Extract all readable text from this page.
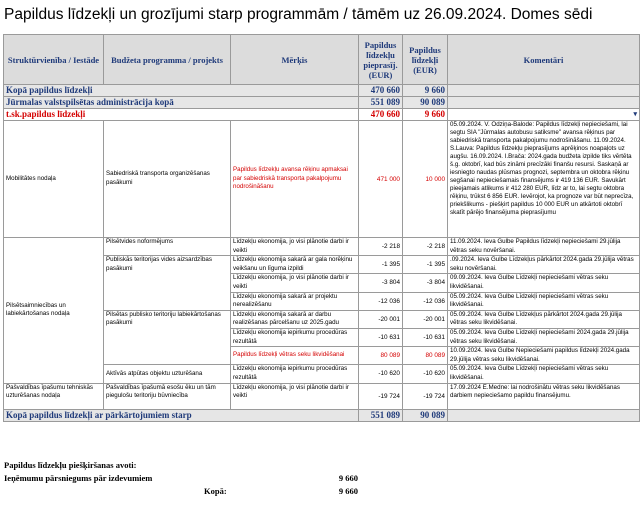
Papildus līdzekļi un grozījumi starp programmām / tāmēm uz 26.09.2024. Domes sēdi
Struktūrvienība / Iestāde	Budžeta programma / projekts	Mērķis	Papildus līdzekļu pieprasīj. (EUR)	Papildus līdzekļi (EUR)	Komentāri
Kopā papildus līdzekļi			470 660	9 660	
Jūrmalas valstspilsētas administrācija kopā			551 089	90 089	
t.sk.papildus līdzekļi			470 660	9 660	▾
Mobilitātes nodaļa	Sabiedriskā transporta organizēšanas pasākumi	Papildus līdzekļu avansa rēķinu apmaksai par sabiedriskā transporta pakalpojumu nodrošināšanu	471 000	10 000	05.09.2024. V. Odziņa-Balode: Papildus līdzekļi nepieciešami, lai segtu SIA "Jūrmalas autobusu satiksme" avansa rēķinus par sabiedriskā transporta pakalpojumu nodrošināšanu. 11.09.2024. S.Lauva: Papildus līdzekļu pieprasījums aprēķinos noapaļots uz augšu. 16.09.2024. I.Brača: 2024.gada budžeta izpilde tiks vērtēta š.g. oktobrī, kad būs zināmi precīzāki finanšu resursi. Saskaņā ar iesniegto naudas plūsmas prognozi, septembra un oktobra rēķinu segšanai nepieciešamais finansējums ir 419 136 EUR. Savukārt pieejamais atlikums ir 412 280 EUR, līdz ar to, lai segtu oktobra rēķinu, trūkst 6 856 EUR. Ievērojot, ka prognoze var būt neprecīza, priekšlikums - piešķirt papildus 10 000 EUR un atkārtoti oktobrī skatīt pārējo finansējuma pieprasījumu
Pilsētsaimniecības un labiekārtošanas nodaļa	Pilsētvides noformējums	Līdzekļu ekonomija, jo visi plānotie darbi ir veikti	-2 218	-2 218	11.09.2024. Ieva Gulbe Papildus līdzekļi nepieciešami 29.jūlija vētras seku novēršanai.
	Publiskās teritorijas vides aizsardzības pasākumi	Līdzekļu ekonomija sakarā ar gala norēķinu veikšanu un līguma izpildi	-1 395	-1 395	.09.2024. Ieva Gulbe Līdzekļus pārkārtot 2024.gada 29.jūlija vētras seku novēršanai.
		Līdzekļu ekonomija, jo visi plānotie darbi ir veikti	-3 804	-3 804	09.09.2024. Ieva Gulbe Līdzekļi nepieciešami vētras seku likvidēšanai.
		Līdzekļu ekonomija sakarā ar projektu nerealizēšanu	-12 036	-12 036	05.09.2024. Ieva Gulbe Līdzekļi nepieciešami vētras seku likvidēšanai.
	Pilsētas publisko teritoriju labiekārtošanas pasākumi	Līdzekļu ekonomija sakarā ar darbu realizēšanas pārcelšanu uz 2025.gadu	-20 001	-20 001	05.09.2024. Ieva Gulbe Līdzekļus pārkārtot 2024.gada 29.jūlija vētras seku likvidēšanai.
		Līdzekļu ekonomija iepirkumu procedūras rezultātā	-10 631	-10 631	05.09.2024. Ieva Gulbe Līdzekļi nepieciešami 2024.gada 29.jūlija vētras seku likvidēšanai.
		Papildus līdzekļi vētras seku likvidēšanai	80 089	80 089	10.09.2024. Ieva Gulbe Nepieciešami papildus līdzekļi 2024.gada 29.jūlija vētras seku likvidēšanai.
	Aktīvās atpūtas objektu uzturēšana	Līdzekļu ekonomija iepirkumu procedūras rezultātā	-10 620	-10 620	05.09.2024. Ieva Gulbe Līdzekļi nepieciešami vētras seku likvidēšanai.
Pašvaldības īpašumu tehniskās uzturēšanas nodaļa	Pašvaldības īpašumā esošu ēku un tām piegulošu teritoriju būvniecība	Līdzekļu ekonomija, jo visi plānotie darbi ir veikti	-19 724	-19 724	17.09.2024 E.Medne: lai nodrošinātu vētras seku likvidēšanas darbiem nepieciešamo papildu finansējumu.
Kopā papildus līdzekļi ar pārkārtojumiem starp			551 089	90 089	
Papildus līdzekļu piešķiršanas avoti:
Ieņēmumu pārsniegums pār izdevumiem	9 660
Kopā:	9 660
